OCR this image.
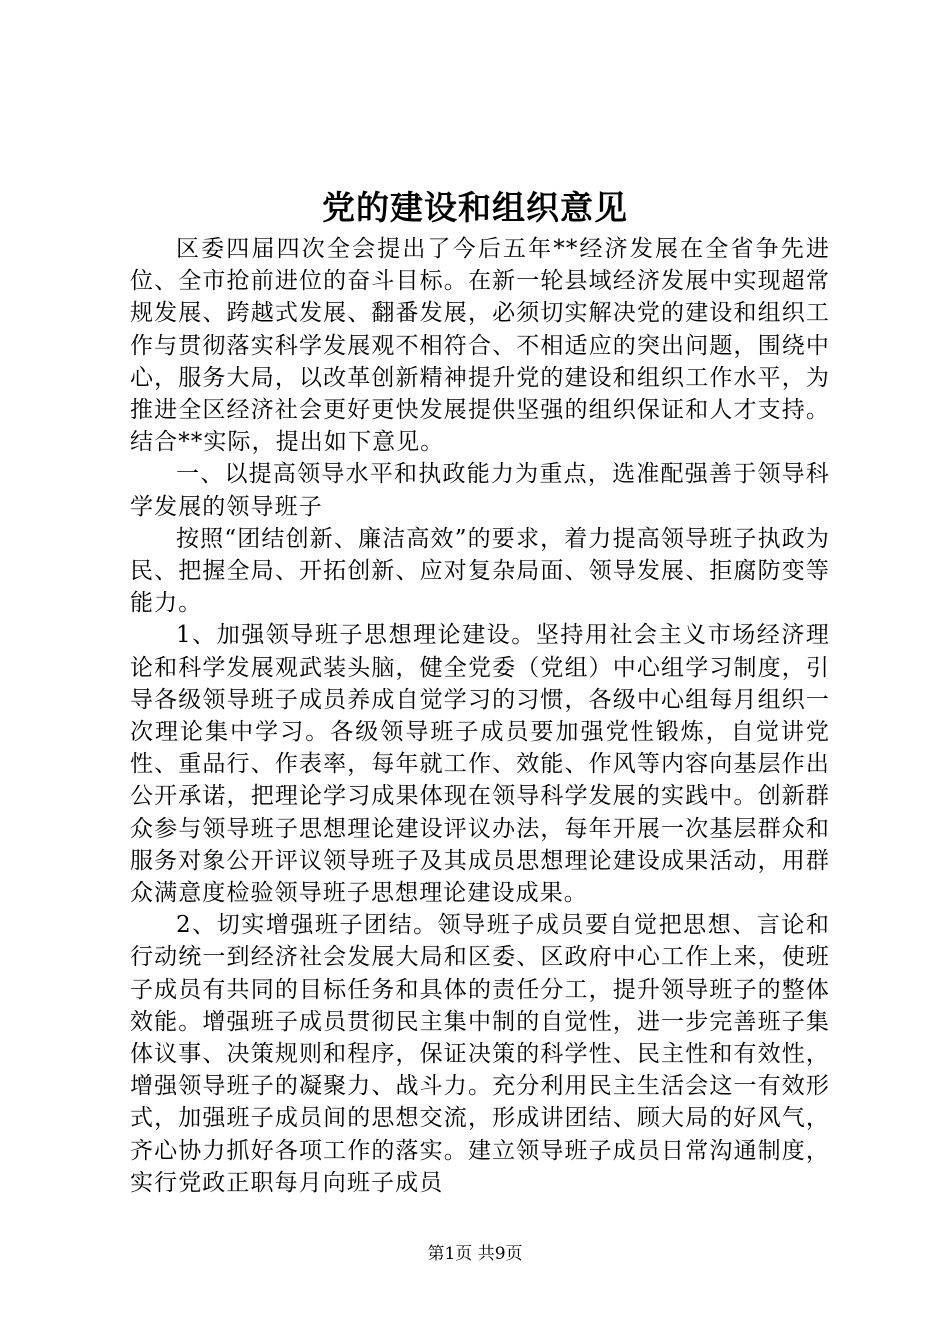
党的建设和组织意见

区委四届四次全会提出了今后五年**经济发展在全省争先进位、全市抢前进位的奋斗目标。在新一轮县域经济发展中实现超常规发展、跨越式发展、翻番发展，必须切实解决党的建设和组织工作与贯彻落实科学发展观不相符合、不相适应的突出问题，围绕中心，服务大局，以改革创新精神提升党的建设和组织工作水平，为推进全区经济社会更好更快发展提供坚强的组织保证和人才支持。结合**实际，提出如下意见。

一、以提高领导水平和执政能力为重点，选准配强善于领导科学发展的领导班子

按照“团结创新、廉洁高效”的要求，着力提高领导班子执政为民、把握全局、开拓创新、应对复杂局面、领导发展、拒腐防变等能力。

1、加强领导班子思想理论建设。坚持用社会主义市场经济理论和科学发展观武装头脑，健全党委（党组）中心组学习制度，引导各级领导班子成员养成自觉学习的习惯，各级中心组每月组织一次理论集中学习。各级领导班子成员要加强党性锻炼，自觉讲党性、重品行、作表率，每年就工作、效能、作风等内容向基层作出公开承诺，把理论学习成果体现在领导科学发展的实践中。创新群众参与领导班子思想理论建设评议办法，每年开展一次基层群众和服务对象公开评议领导班子及其成员思想理论建设成果活动，用群众满意度检验领导班子思想理论建设成果。

2、切实增强班子团结。领导班子成员要自觉把思想、言论和行动统一到经济社会发展大局和区委、区政府中心工作上来，使班子成员有共同的目标任务和具体的责任分工，提升领导班子的整体效能。增强班子成员贯彻民主集中制的自觉性，进一步完善班子集体议事、决策规则和程序，保证决策的科学性、民主性和有效性，增强领导班子的凝聚力、战斗力。充分利用民主生活会这一有效形式，加强班子成员间的思想交流，形成讲团结、顾大局的好风气，齐心协力抓好各项工作的落实。建立领导班子成员日常沟通制度，实行党政正职每月向班子成员

第1页 共9页
